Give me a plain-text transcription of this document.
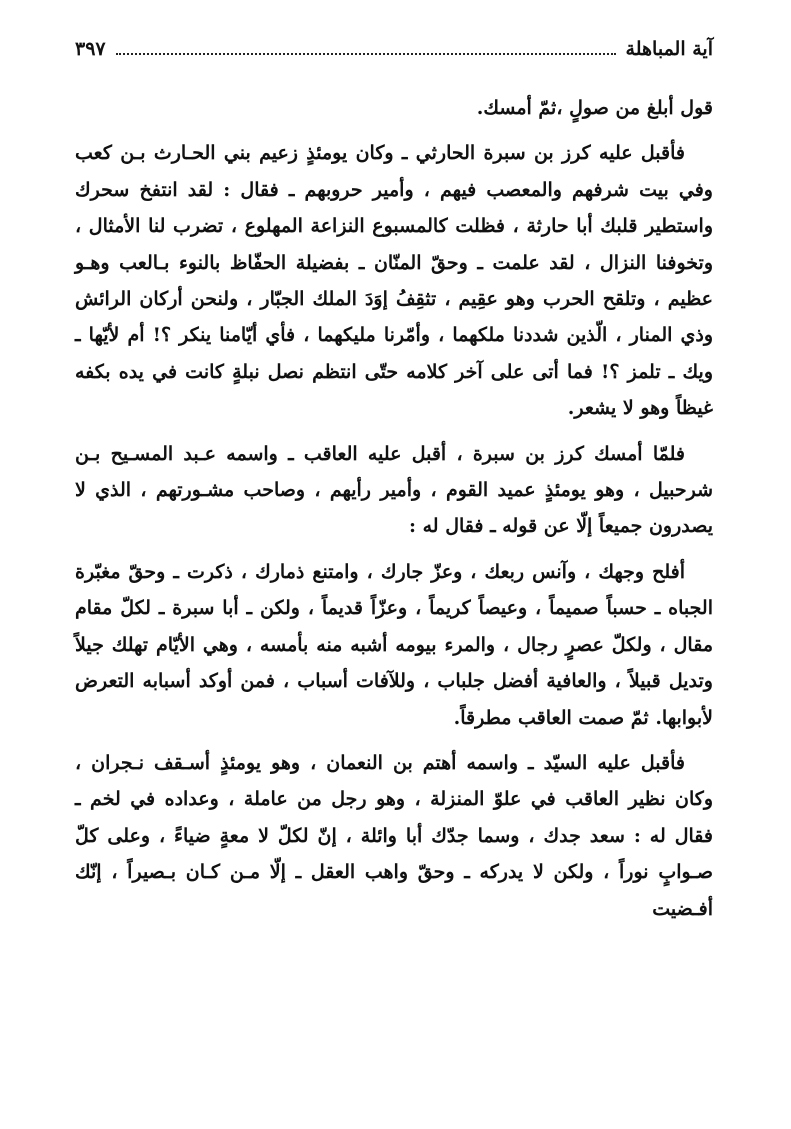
آية المباهلة
٣٩٧

قول أبلغ من صولٍ ،ثمّ أمسك.

فأقبل عليه كرز بن سبرة الحارثي ـ وكان يومئذٍ زعيم بني الحـارث بـن كعب وفي بيت شرفهم والمعصب فيهم ، وأمير حروبهم ـ فقال : لقد انتفخ سحرك واستطير قلبك أبا حارثة ، فظلت كالمسبوع النزاعة المهلوع ، تضرب لنا الأمثال ، وتخوفنا النزال ، لقد علمت ـ وحقّ المنّان ـ بفضيلة الحفّاظ بالنوء بـالعب وهـو عظيم ، وتلقح الحرب وهو عقِيم ، تثقِفُ إوَدَ الملك الجبّار ، ولنحن أركان الرائش وذي المنار ، الّذين شددنا ملكهما ، وأمّرنا مليكهما ، فأي أيّامنا ينكر ؟! أم لأيّها ـ ويك ـ تلمز ؟! فما أتى على آخر كلامه حتّى انتظم نصل نبلةٍ كانت في يده بكفه غيظاً وهو لا يشعر.

فلمّا أمسك كرز بن سبرة ، أقبل عليه العاقب ـ واسمه عـبد المسـيح بـن شرحبيل ، وهو يومئذٍ عميد القوم ، وأمير رأيهم ، وصاحب مشـورتهم ، الذي لا يصدرون جميعاً إلّا عن قوله ـ فقال له :

أفلح وجهك ، وآنس ربعك ، وعزّ جارك ، وامتنع ذمارك ، ذكرت ـ وحقّ مغبّرة الجباه ـ حسباً صميماً ، وعيصاً كريماً ، وعزّاً قديماً ، ولكن ـ أبا سبرة ـ لكلّ مقام مقال ، ولكلّ عصرٍ رجال ، والمرء بيومه أشبه منه بأمسه ، وهي الأيّام تهلك جيلاً وتديل قبيلاً ، والعافية أفضل جلباب ، وللآفات أسباب ، فمن أوكد أسبابه التعرض لأبوابها. ثمّ صمت العاقب مطرقاً.

فأقبل عليه السيّد ـ واسمه أهتم بن النعمان ، وهو يومئذٍ أسـقف نـجران ، وكان نظير العاقب في علوّ المنزلة ، وهو رجل من عاملة ، وعداده في لخم ـ فقال له : سعد جدك ، وسما جدّك أبا وائلة ، إنّ لكلّ لا معةٍ ضياءً ، وعلى كلّ صـوابٍ نوراً ، ولكن لا يدركه ـ وحقّ واهب العقل ـ إلّا مـن كـان بـصيراً ، إنّك أفـضيت
